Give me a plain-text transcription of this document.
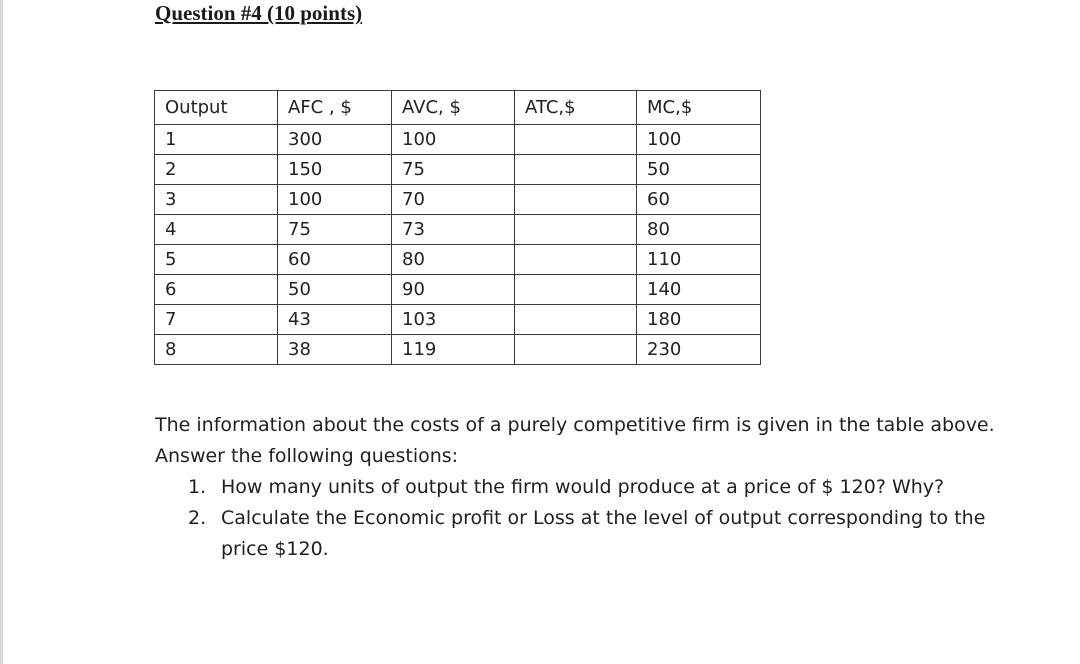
Question #4 (10 points)
Output	AFC , $	AVC, $	ATC,$	MC,$
1	300	100		100
2	150	75		50
3	100	70		60
4	75	73		80
5	60	80		110
6	50	90		140
7	43	103		180
8	38	119		230

The information about the costs of a purely competitive firm is given in the table above.

Answer the following questions:

1. How many units of output the firm would produce at a price of $ 120? Why?
2. Calculate the Economic profit or Loss at the level of output corresponding to the price $120.
